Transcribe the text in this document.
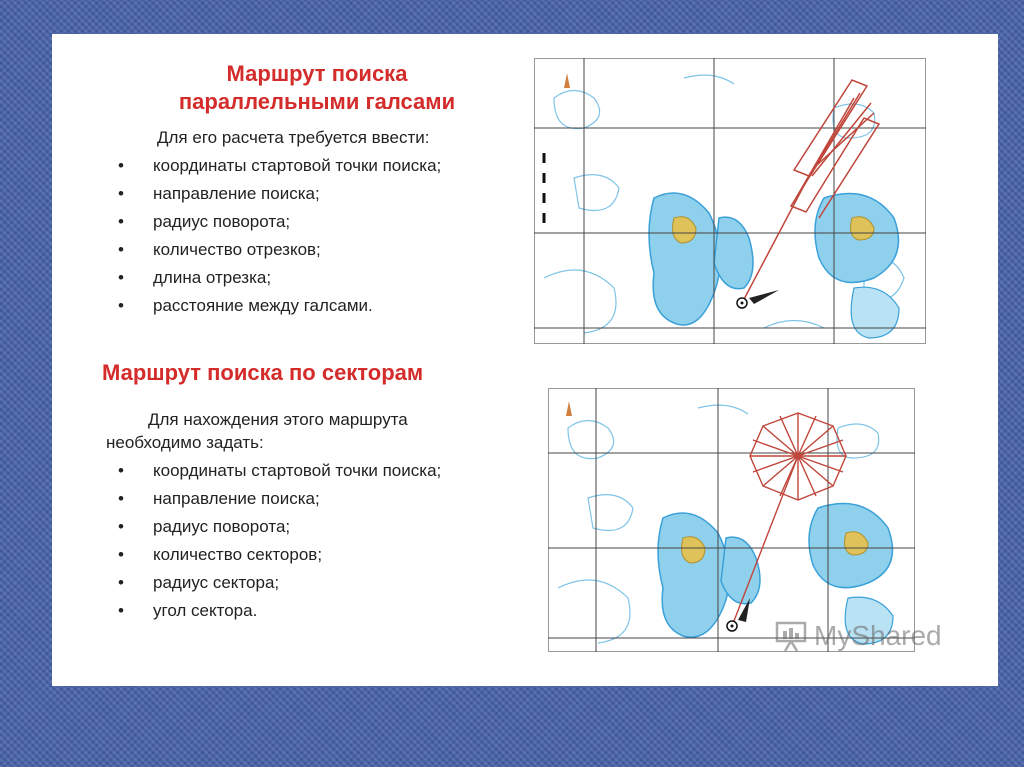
Маршрут поиска
параллельными галсами

Для его расчета требуется ввести:

• координаты стартовой точки поиска;
• направление поиска;
• радиус поворота;
• количество отрезков;
• длина отрезка;
• расстояние между галсами.
Маршрут поиска по секторам

Для нахождения этого маршрута необходимо задать:

• координаты стартовой точки поиска;
• направление поиска;
• радиус поворота;
• количество секторов;
• радиус сектора;
• угол сектора.
MyShared
